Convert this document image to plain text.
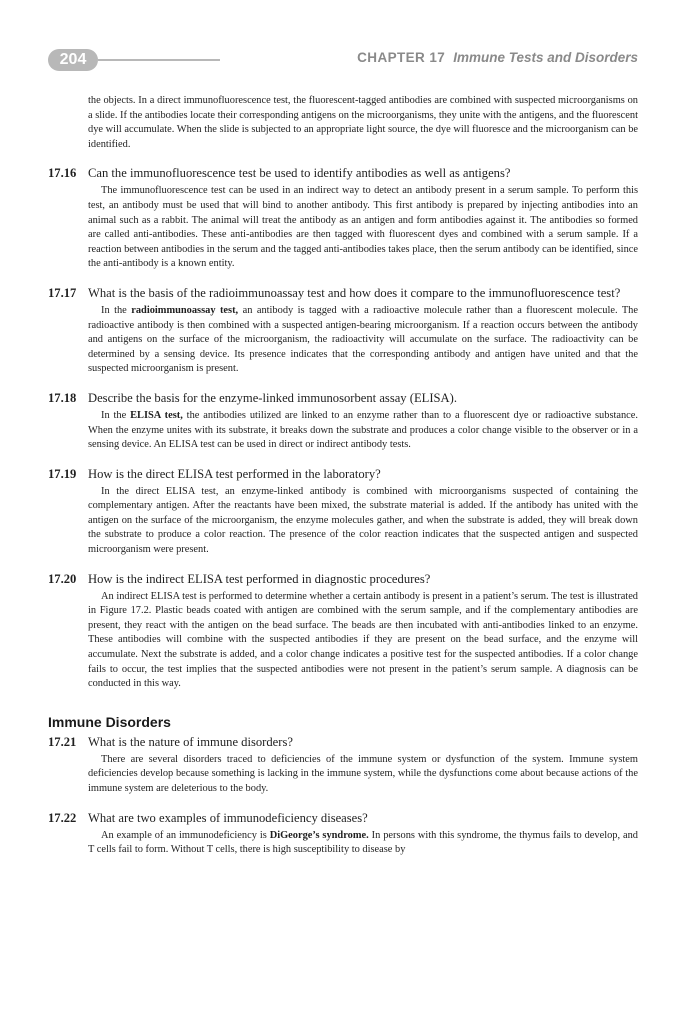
204	CHAPTER 17 Immune Tests and Disorders

the objects. In a direct immunofluorescence test, the fluorescent-tagged antibodies are combined with suspected microorganisms on a slide. If the antibodies locate their corresponding antigens on the microorganisms, they unite with the antigens, and the fluorescent dye will accumulate. When the slide is subjected to an appropriate light source, the dye will fluoresce and the microorganism can be identified.

17.16 Can the immunofluorescence test be used to identify antibodies as well as antigens?

The immunofluorescence test can be used in an indirect way to detect an antibody present in a serum sample. To perform this test, an antibody must be used that will bind to another antibody. This first antibody is prepared by injecting antibodies into an animal such as a rabbit. The animal will treat the antibody as an antigen and form antibodies against it. The antibodies so formed are called anti-antibodies. These anti-antibodies are then tagged with fluorescent dyes and combined with a serum sample. If a reaction between antibodies in the serum and the tagged anti-antibodies takes place, then the serum antibody can be identified, since the anti-antibody is a known entity.

17.17 What is the basis of the radioimmunoassay test and how does it compare to the immunofluorescence test?

In the radioimmunoassay test, an antibody is tagged with a radioactive molecule rather than a fluorescent molecule. The radioactive antibody is then combined with a suspected antigen-bearing microorganism. If a reaction occurs between the antibody and antigens on the surface of the microorganism, the radioactivity will accumulate on the surface. The radioactivity can be determined by a sensing device. Its presence indicates that the corresponding antibody and antigen have united and that the suspected microorganism is present.

17.18 Describe the basis for the enzyme-linked immunosorbent assay (ELISA).

In the ELISA test, the antibodies utilized are linked to an enzyme rather than to a fluorescent dye or radioactive substance. When the enzyme unites with its substrate, it breaks down the substrate and produces a color change visible to the observer or in a sensing device. An ELISA test can be used in direct or indirect antibody tests.

17.19 How is the direct ELISA test performed in the laboratory?

In the direct ELISA test, an enzyme-linked antibody is combined with microorganisms suspected of containing the complementary antigen. After the reactants have been mixed, the substrate material is added. If the antibody has united with the antigen on the surface of the microorganism, the enzyme molecules gather, and when the substrate is added, they will break down the substrate to produce a color reaction. The presence of the color reaction indicates that the suspected antigen and suspected microorganism were present.

17.20 How is the indirect ELISA test performed in diagnostic procedures?

An indirect ELISA test is performed to determine whether a certain antibody is present in a patient’s serum. The test is illustrated in Figure 17.2. Plastic beads coated with antigen are combined with the serum sample, and if the complementary antibodies are present, they react with the antigen on the bead surface. The beads are then incubated with anti-antibodies linked to an enzyme. These antibodies will combine with the suspected antibodies if they are present on the bead surface, and the enzyme will accumulate. Next the substrate is added, and a color change indicates a positive test for the suspected antibodies. If a color change fails to occur, the test implies that the suspected antibodies were not present in the patient’s serum sample. A diagnosis can be conducted in this way.

Immune Disorders
17.21 What is the nature of immune disorders?

There are several disorders traced to deficiencies of the immune system or dysfunction of the system. Immune system deficiencies develop because something is lacking in the immune system, while the dysfunctions come about because actions of the immune system are deleterious to the body.

17.22 What are two examples of immunodeficiency diseases?

An example of an immunodeficiency is DiGeorge’s syndrome. In persons with this syndrome, the thymus fails to develop, and T cells fail to form. Without T cells, there is high susceptibility to disease by
